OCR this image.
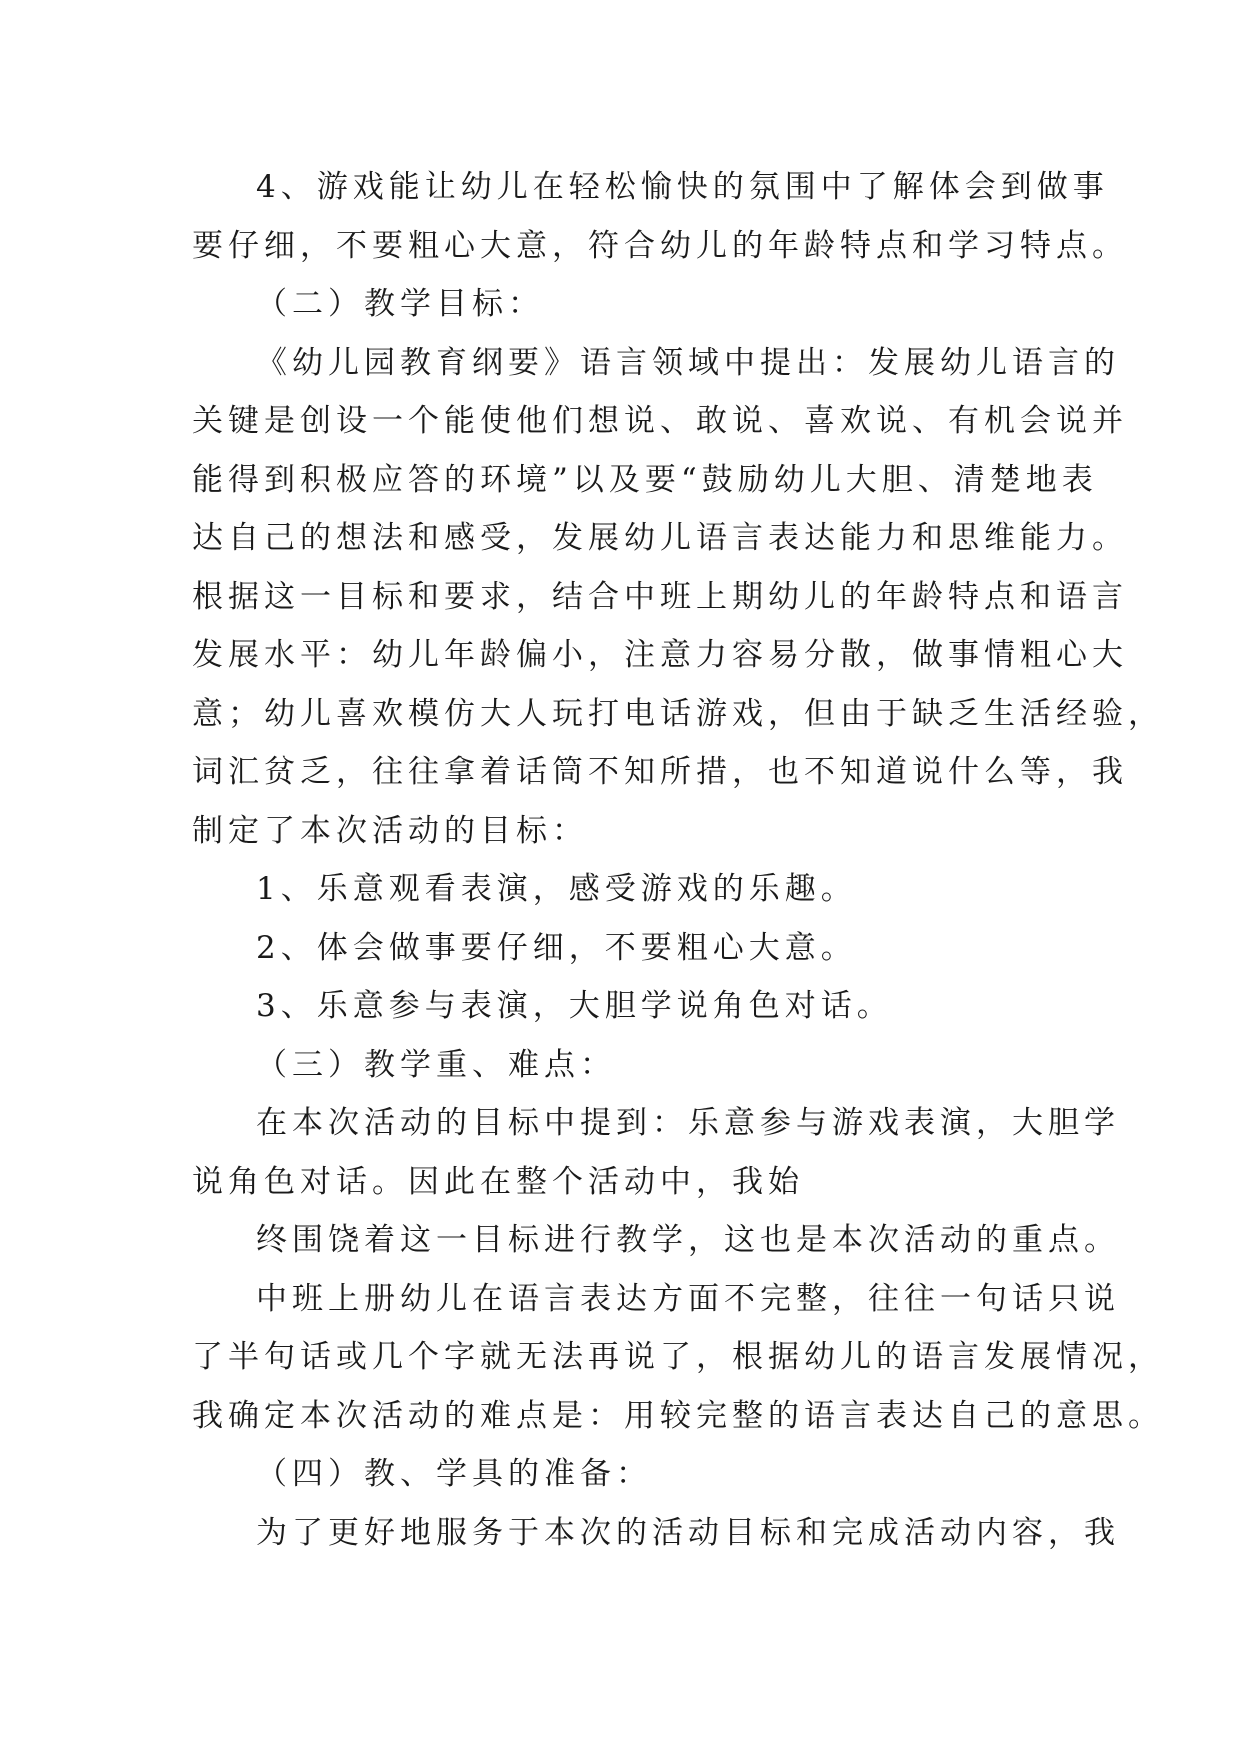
4、游戏能让幼儿在轻松愉快的氛围中了解体会到做事
要仔细，不要粗心大意，符合幼儿的年龄特点和学习特点。
（二）教学目标：
《幼儿园教育纲要》语言领域中提出：发展幼儿语言的
关键是创设一个能使他们想说、敢说、喜欢说、有机会说并
能得到积极应答的环境”以及要“鼓励幼儿大胆、清楚地表
达自己的想法和感受，发展幼儿语言表达能力和思维能力。
根据这一目标和要求，结合中班上期幼儿的年龄特点和语言
发展水平：幼儿年龄偏小，注意力容易分散，做事情粗心大
意；幼儿喜欢模仿大人玩打电话游戏，但由于缺乏生活经验，
词汇贫乏，往往拿着话筒不知所措，也不知道说什么等，我
制定了本次活动的目标：
1、乐意观看表演，感受游戏的乐趣。
2、体会做事要仔细，不要粗心大意。
3、乐意参与表演，大胆学说角色对话。
（三）教学重、难点：
在本次活动的目标中提到：乐意参与游戏表演，大胆学
说角色对话。因此在整个活动中，我始
终围饶着这一目标进行教学，这也是本次活动的重点。
中班上册幼儿在语言表达方面不完整，往往一句话只说
了半句话或几个字就无法再说了，根据幼儿的语言发展情况，
我确定本次活动的难点是：用较完整的语言表达自己的意思。
（四）教、学具的准备：
为了更好地服务于本次的活动目标和完成活动内容，我
